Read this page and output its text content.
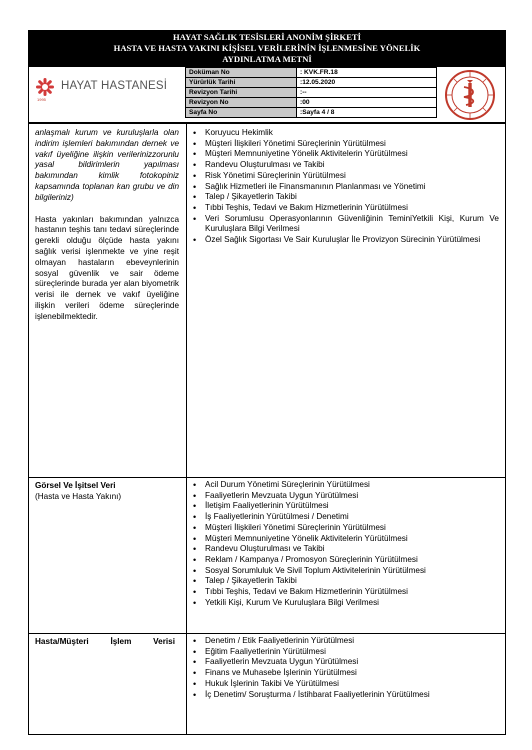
HAYAT SAĞLIK TESİSLERİ ANONİM ŞİRKETİ
HASTA VE HASTA YAKINI KİŞİSEL VERİLERİNİN İŞLENMESİNE YÖNELİK
AYDINLATMA METNİ
HAYAT HASTANESİ
1995
Doküman No	: KVK.FR.18
Yürürlük Tarihi	:12.05.2020
Revizyon Tarihi	:--
Revizyon No	:00
Sayfa No	:Sayfa 4 / 8

anlaşmalı kurum ve kuruluşlarla olan indirim işlemleri bakımından dernek ve vakıf üyeliğine ilişkin verilerinizzorunlu yasal bildirimlerin yapılması bakımından kimlik fotokopiniz kapsamında toplanan kan grubu ve din bilgileriniz)

Hasta yakınları bakımından yalnızca hastanın teşhis tanı tedavi süreçlerinde gerekli olduğu ölçüde hasta yakını sağlık verisi işlenmekte ve yine reşit olmayan hastaların ebeveynlerinin sosyal güvenlik ve sair ödeme süreçlerinde burada yer alan biyometrik verisi ile dernek ve vakıf üyeliğine ilişkin verileri ödeme süreçlerinde işlenebilmektedir.

• Koruyucu Hekimlik
• Müşteri İlişkileri Yönetimi Süreçlerinin Yürütülmesi
• Müşteri Memnuniyetine Yönelik Aktivitelerin Yürütülmesi
• Randevu Oluşturulması ve Takibi
• Risk Yönetimi Süreçlerinin Yürütülmesi
• Sağlık Hizmetleri ile Finansmanının Planlanması ve Yönetimi
• Talep / Şikayetlerin Takibi
• Tıbbi Teşhis, Tedavi ve Bakım Hizmetlerinin Yürütülmesi
• Veri Sorumlusu Operasyonlarının Güvenliğinin TeminiYetkili Kişi, Kurum Ve Kuruluşlara Bilgi Verilmesi
• Özel Sağlık Sigortası Ve Sair Kuruluşlar İle Provizyon Sürecinin Yürütülmesi

Görsel Ve İşitsel Veri

(Hasta ve Hasta Yakını)

• Acil Durum Yönetimi Süreçlerinin Yürütülmesi
• Faaliyetlerin Mevzuata Uygun Yürütülmesi
• İletişim Faaliyetlerinin Yürütülmesi
• İş Faaliyetlerinin Yürütülmesi / Denetimi
• Müşteri İlişkileri Yönetimi Süreçlerinin Yürütülmesi
• Müşteri Memnuniyetine Yönelik Aktivitelerin Yürütülmesi
• Randevu Oluşturulması ve Takibi
• Reklam / Kampanya / Promosyon Süreçlerinin Yürütülmesi
• Sosyal Sorumluluk Ve Sivil Toplum Aktivitelerinin Yürütülmesi
• Talep / Şikayetlerin Takibi
• Tıbbi Teşhis, Tedavi ve Bakım Hizmetlerinin Yürütülmesi
• Yetkili Kişi, Kurum Ve Kuruluşlara Bilgi Verilmesi

Hasta/Müşteri İşlem Verisi	• Denetim / Etik Faaliyetlerinin Yürütülmesi
• Eğitim Faaliyetlerinin Yürütülmesi
• Faaliyetlerin Mevzuata Uygun Yürütülmesi
• Finans ve Muhasebe İşlerinin Yürütülmesi
• Hukuk İşlerinin Takibi Ve Yürütülmesi
• İç Denetim/ Soruşturma / İstihbarat Faaliyetlerinin Yürütülmesi
